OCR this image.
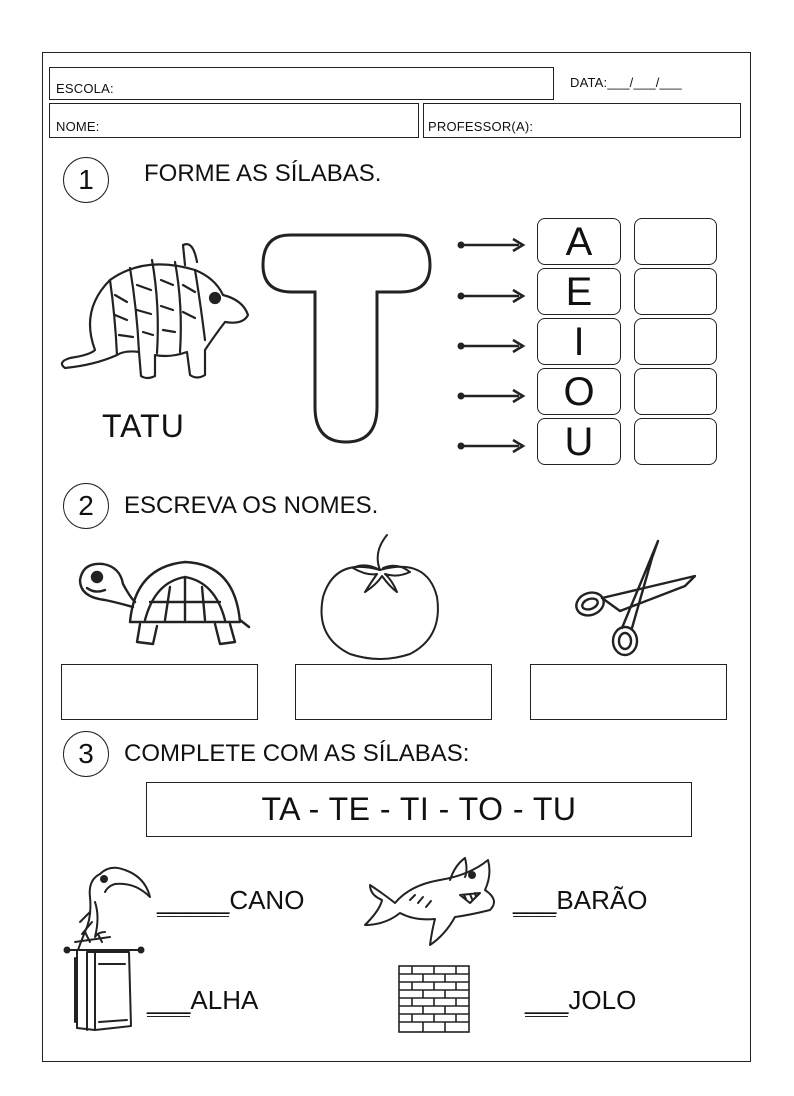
ESCOLA:	DATA:___/___/___
NOME:	PROFESSOR(A):
1	FORME AS SÍLABAS.
TATU
A
E
I
O
U
2	ESCREVA OS NOMES.
3	COMPLETE COM AS SÍLABAS:
TA - TE - TI - TO - TU
_____CANO	___BARÃO
___ALHA	___JOLO
